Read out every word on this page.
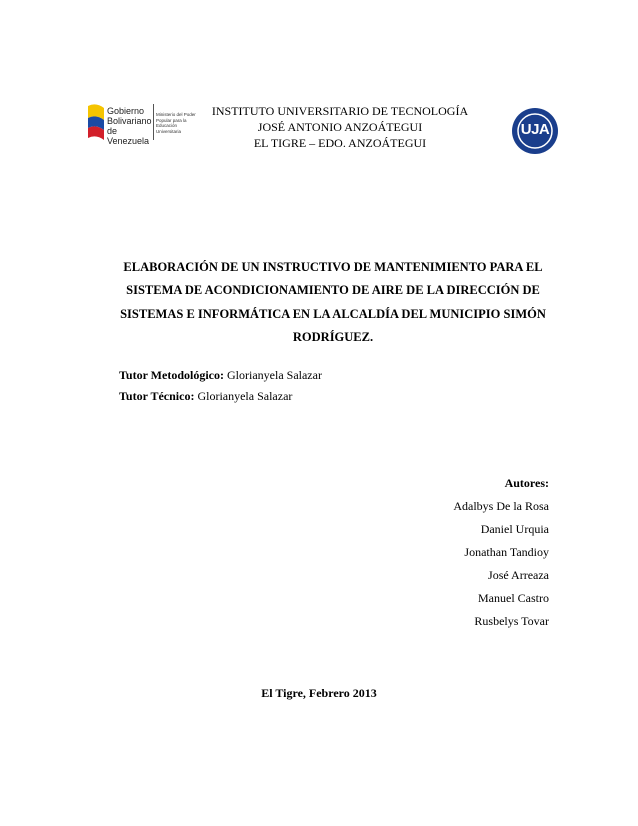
Gobierno Bolivariano de Venezuela
Ministerio del Poder Popular para la Educación Universitaria
INSTITUTO UNIVERSITARIO DE TECNOLOGÍA
JOSÉ ANTONIO ANZOÁTEGUI
EL TIGRE – EDO. ANZOÁTEGUI
UJA
ELABORACIÓN DE UN INSTRUCTIVO DE MANTENIMIENTO PARA EL
SISTEMA DE ACONDICIONAMIENTO DE AIRE DE LA DIRECCIÓN DE
SISTEMAS E INFORMÁTICA EN LA ALCALDÍA DEL MUNICIPIO SIMÓN
RODRÍGUEZ.
Tutor Metodológico: Glorianyela Salazar
Tutor Técnico: Glorianyela Salazar
Autores:
Adalbys De la Rosa
Daniel Urquia
Jonathan Tandioy
José Arreaza
Manuel Castro
Rusbelys Tovar
El Tigre, Febrero 2013
